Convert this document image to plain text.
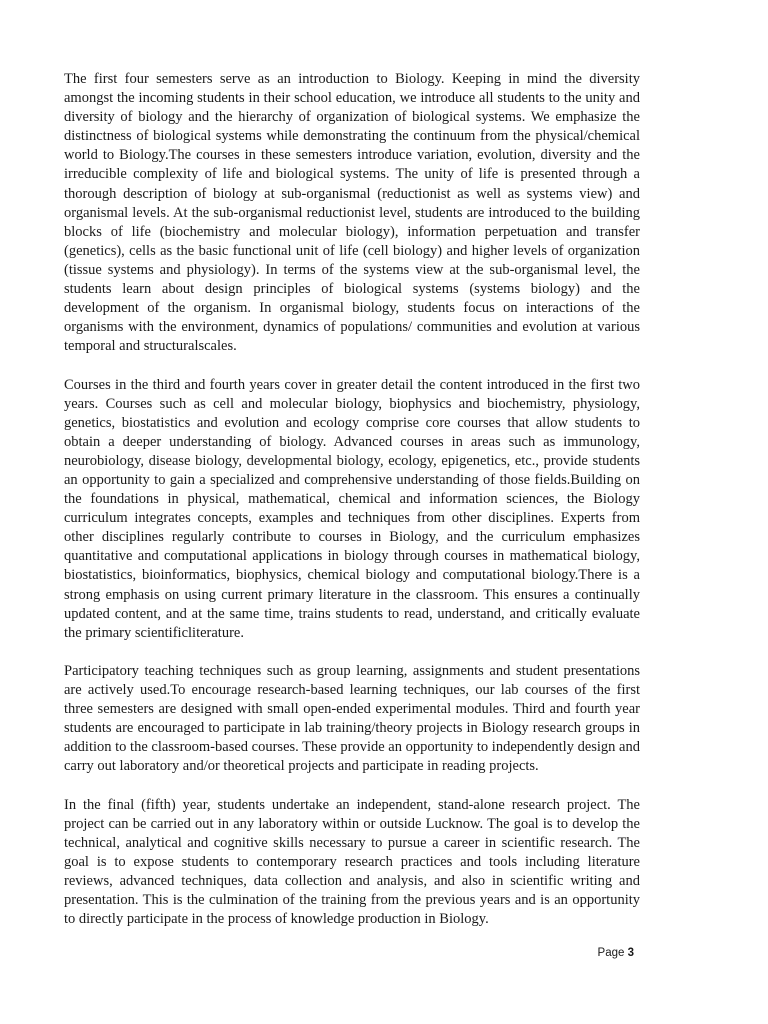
The first four semesters serve as an introduction to Biology. Keeping in mind the diversity amongst the incoming students in their school education, we introduce all students to the unity and diversity of biology and the hierarchy of organization of biological systems. We emphasize the distinctness of biological systems while demonstrating the continuum from the physical/chemical world to Biology.The courses in these semesters introduce variation, evolution, diversity and the irreducible complexity of life and biological systems. The unity of life is presented through a thorough description of biology at sub-organismal (reductionist as well as systems view) and organismal levels. At the sub-organismal reductionist level, students are introduced to the building blocks of life (biochemistry and molecular biology), information perpetuation and transfer (genetics), cells as the basic functional unit of life (cell biology) and higher levels of organization (tissue systems and physiology). In terms of the systems view at the sub-organismal level, the students learn about design principles of biological systems (systems biology) and the development of the organism. In organismal biology, students focus on interactions of the organisms with the environment, dynamics of populations/ communities and evolution at various temporal and structuralscales.

Courses in the third and fourth years cover in greater detail the content introduced in the first two years. Courses such as cell and molecular biology, biophysics and biochemistry, physiology, genetics, biostatistics and evolution and ecology comprise core courses that allow students to obtain a deeper understanding of biology. Advanced courses in areas such as immunology, neurobiology, disease biology, developmental biology, ecology, epigenetics, etc., provide students an opportunity to gain a specialized and comprehensive understanding of those fields.Building on the foundations in physical, mathematical, chemical and information sciences, the Biology curriculum integrates concepts, examples and techniques from other disciplines. Experts from other disciplines regularly contribute to courses in Biology, and the curriculum emphasizes quantitative and computational applications in biology through courses in mathematical biology, biostatistics, bioinformatics, biophysics, chemical biology and computational biology.There is a strong emphasis on using current primary literature in the classroom. This ensures a continually updated content, and at the same time, trains students to read, understand, and critically evaluate the primary scientificliterature.

Participatory teaching techniques such as group learning, assignments and student presentations are actively used.To encourage research-based learning techniques, our lab courses of the first three semesters are designed with small open-ended experimental modules. Third and fourth year students are encouraged to participate in lab training/theory projects in Biology research groups in addition to the classroom-based courses. These provide an opportunity to independently design and carry out laboratory and/or theoretical projects and participate in reading projects.

In the final (fifth) year, students undertake an independent, stand-alone research project. The project can be carried out in any laboratory within or outside Lucknow. The goal is to develop the technical, analytical and cognitive skills necessary to pursue a career in scientific research. The goal is to expose students to contemporary research practices and tools including literature reviews, advanced techniques, data collection and analysis, and also in scientific writing and presentation. This is the culmination of the training from the previous years and is an opportunity to directly participate in the process of knowledge production in Biology.

Page 3
